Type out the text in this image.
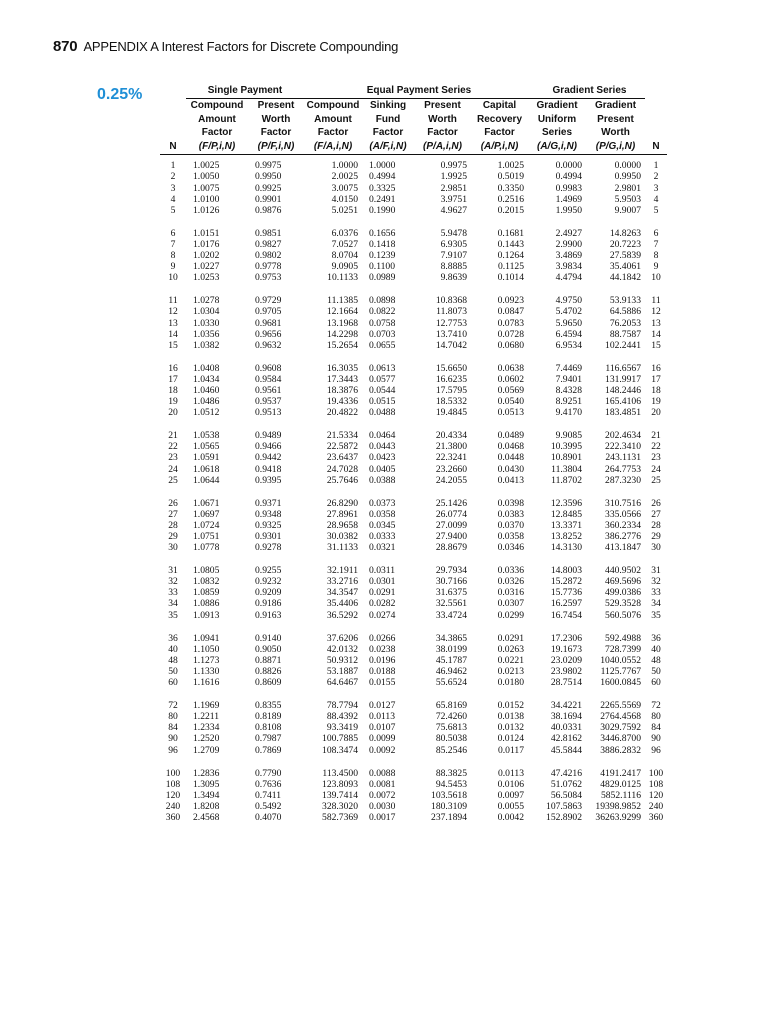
870 APPENDIX A Interest Factors for Discrete Compounding
0.25%
		Single Payment		Equal Payment Series				Gradient Series		
N	Compound
Amount
Factor
(F/P,i,N)	Present
Worth
Factor
(P/F,i,N)	Compound
Amount
Factor
(F/A,i,N)	Sinking
Fund
Factor
(A/F,i,N)	Present
Worth
Factor
(P/A,i,N)	Capital
Recovery
Factor
(A/P,i,N)	Gradient
Uniform
Series
(A/G,i,N)	Gradient
Present
Worth
(P/G,i,N)	N
1	1.0025	0.9975	1.0000	1.0000	0.9975	1.0025	0.0000	0.0000	1
2	1.0050	0.9950	2.0025	0.4994	1.9925	0.5019	0.4994	0.9950	2
3	1.0075	0.9925	3.0075	0.3325	2.9851	0.3350	0.9983	2.9801	3
4	1.0100	0.9901	4.0150	0.2491	3.9751	0.2516	1.4969	5.9503	4
5	1.0126	0.9876	5.0251	0.1990	4.9627	0.2015	1.9950	9.9007	5
6	1.0151	0.9851	6.0376	0.1656	5.9478	0.1681	2.4927	14.8263	6
7	1.0176	0.9827	7.0527	0.1418	6.9305	0.1443	2.9900	20.7223	7
8	1.0202	0.9802	8.0704	0.1239	7.9107	0.1264	3.4869	27.5839	8
9	1.0227	0.9778	9.0905	0.1100	8.8885	0.1125	3.9834	35.4061	9
10	1.0253	0.9753	10.1133	0.0989	9.8639	0.1014	4.4794	44.1842	10
11	1.0278	0.9729	11.1385	0.0898	10.8368	0.0923	4.9750	53.9133	11
12	1.0304	0.9705	12.1664	0.0822	11.8073	0.0847	5.4702	64.5886	12
13	1.0330	0.9681	13.1968	0.0758	12.7753	0.0783	5.9650	76.2053	13
14	1.0356	0.9656	14.2298	0.0703	13.7410	0.0728	6.4594	88.7587	14
15	1.0382	0.9632	15.2654	0.0655	14.7042	0.0680	6.9534	102.2441	15
16	1.0408	0.9608	16.3035	0.0613	15.6650	0.0638	7.4469	116.6567	16
17	1.0434	0.9584	17.3443	0.0577	16.6235	0.0602	7.9401	131.9917	17
18	1.0460	0.9561	18.3876	0.0544	17.5795	0.0569	8.4328	148.2446	18
19	1.0486	0.9537	19.4336	0.0515	18.5332	0.0540	8.9251	165.4106	19
20	1.0512	0.9513	20.4822	0.0488	19.4845	0.0513	9.4170	183.4851	20
21	1.0538	0.9489	21.5334	0.0464	20.4334	0.0489	9.9085	202.4634	21
22	1.0565	0.9466	22.5872	0.0443	21.3800	0.0468	10.3995	222.3410	22
23	1.0591	0.9442	23.6437	0.0423	22.3241	0.0448	10.8901	243.1131	23
24	1.0618	0.9418	24.7028	0.0405	23.2660	0.0430	11.3804	264.7753	24
25	1.0644	0.9395	25.7646	0.0388	24.2055	0.0413	11.8702	287.3230	25
26	1.0671	0.9371	26.8290	0.0373	25.1426	0.0398	12.3596	310.7516	26
27	1.0697	0.9348	27.8961	0.0358	26.0774	0.0383	12.8485	335.0566	27
28	1.0724	0.9325	28.9658	0.0345	27.0099	0.0370	13.3371	360.2334	28
29	1.0751	0.9301	30.0382	0.0333	27.9400	0.0358	13.8252	386.2776	29
30	1.0778	0.9278	31.1133	0.0321	28.8679	0.0346	14.3130	413.1847	30
31	1.0805	0.9255	32.1911	0.0311	29.7934	0.0336	14.8003	440.9502	31
32	1.0832	0.9232	33.2716	0.0301	30.7166	0.0326	15.2872	469.5696	32
33	1.0859	0.9209	34.3547	0.0291	31.6375	0.0316	15.7736	499.0386	33
34	1.0886	0.9186	35.4406	0.0282	32.5561	0.0307	16.2597	529.3528	34
35	1.0913	0.9163	36.5292	0.0274	33.4724	0.0299	16.7454	560.5076	35
36	1.0941	0.9140	37.6206	0.0266	34.3865	0.0291	17.2306	592.4988	36
40	1.1050	0.9050	42.0132	0.0238	38.0199	0.0263	19.1673	728.7399	40
48	1.1273	0.8871	50.9312	0.0196	45.1787	0.0221	23.0209	1040.0552	48
50	1.1330	0.8826	53.1887	0.0188	46.9462	0.0213	23.9802	1125.7767	50
60	1.1616	0.8609	64.6467	0.0155	55.6524	0.0180	28.7514	1600.0845	60
72	1.1969	0.8355	78.7794	0.0127	65.8169	0.0152	34.4221	2265.5569	72
80	1.2211	0.8189	88.4392	0.0113	72.4260	0.0138	38.1694	2764.4568	80
84	1.2334	0.8108	93.3419	0.0107	75.6813	0.0132	40.0331	3029.7592	84
90	1.2520	0.7987	100.7885	0.0099	80.5038	0.0124	42.8162	3446.8700	90
96	1.2709	0.7869	108.3474	0.0092	85.2546	0.0117	45.5844	3886.2832	96
100	1.2836	0.7790	113.4500	0.0088	88.3825	0.0113	47.4216	4191.2417	100
108	1.3095	0.7636	123.8093	0.0081	94.5453	0.0106	51.0762	4829.0125	108
120	1.3494	0.7411	139.7414	0.0072	103.5618	0.0097	56.5084	5852.1116	120
240	1.8208	0.5492	328.3020	0.0030	180.3109	0.0055	107.5863	19398.9852	240
360	2.4568	0.4070	582.7369	0.0017	237.1894	0.0042	152.8902	36263.9299	360
